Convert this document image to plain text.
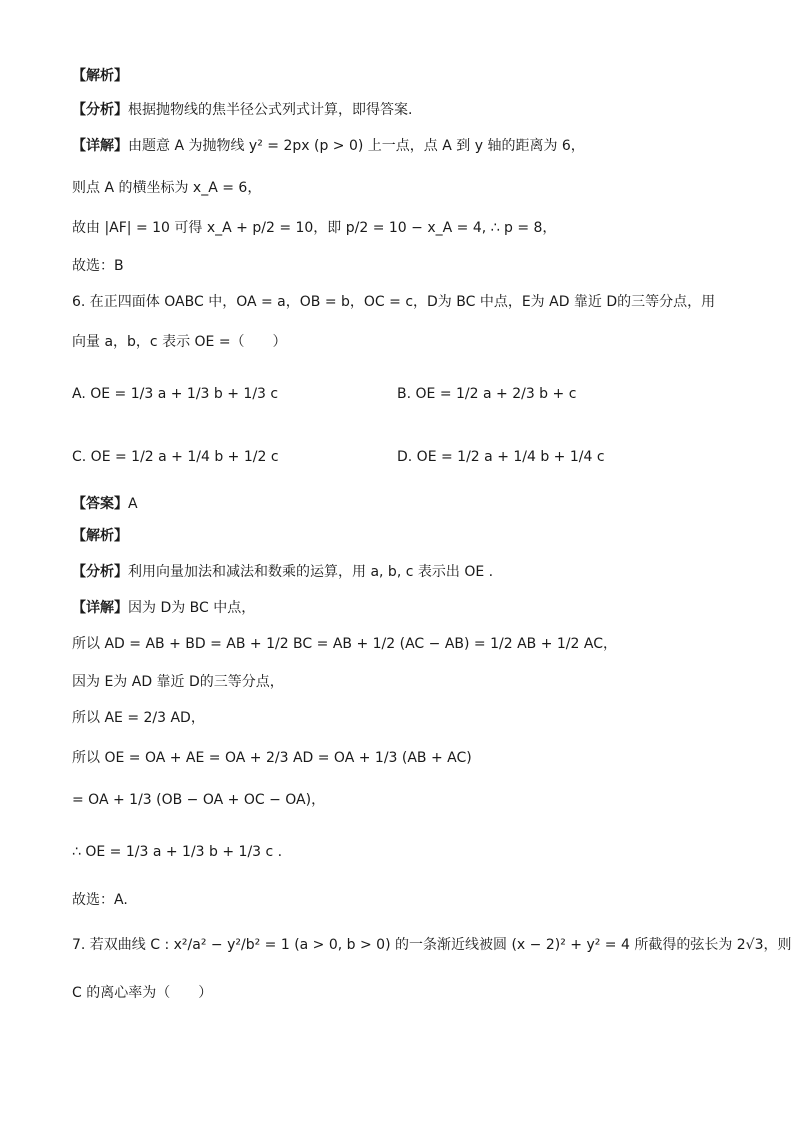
【解析】
【分析】根据抛物线的焦半径公式列式计算，即得答案.
【详解】由题意 A 为抛物线 y² = 2px (p > 0) 上一点，点 A 到 y 轴的距离为 6，
则点 A 的横坐标为 x_A = 6，
故由 |AF| = 10 可得 x_A + p/2 = 10，即 p/2 = 10 − x_A = 4, ∴ p = 8，
故选：B
6. 在正四面体 OABC 中，OA = a，OB = b，OC = c，D为 BC 中点，E为 AD 靠近 D的三等分点，用
向量 a，b，c 表示 OE =（　　）
A. OE = 1/3 a + 1/3 b + 1/3 c	B. OE = 1/2 a + 2/3 b + c
C. OE = 1/2 a + 1/4 b + 1/2 c	D. OE = 1/2 a + 1/4 b + 1/4 c
【答案】A
【解析】
【分析】利用向量加法和减法和数乘的运算，用 a, b, c 表示出 OE .
【详解】因为 D为 BC 中点，
所以 AD = AB + BD = AB + 1/2 BC = AB + 1/2 (AC − AB) = 1/2 AB + 1/2 AC，
因为 E为 AD 靠近 D的三等分点，
所以 AE = 2/3 AD，
所以 OE = OA + AE = OA + 2/3 AD = OA + 1/3 (AB + AC)
= OA + 1/3 (OB − OA + OC − OA)，
∴ OE = 1/3 a + 1/3 b + 1/3 c .
故选：A.
7. 若双曲线 C : x²/a² − y²/b² = 1 (a > 0, b > 0) 的一条渐近线被圆 (x − 2)² + y² = 4 所截得的弦长为 2√3，则
C 的离心率为（　　）
